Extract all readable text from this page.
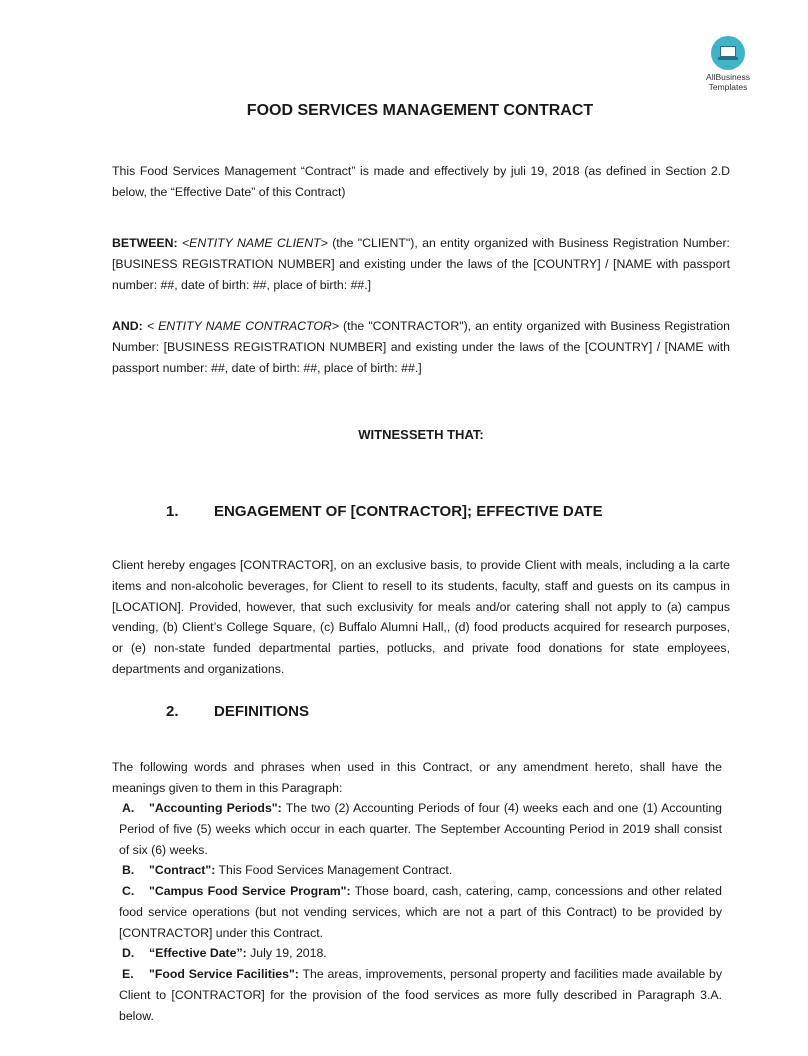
AllBusiness
Templates
FOOD SERVICES MANAGEMENT CONTRACT
This Food Services Management “Contract” is made and effectively by juli 19, 2018 (as defined in Section 2.D below, the “Effective Date” of this Contract)
BETWEEN: <ENTITY NAME CLIENT> (the "CLIENT"), an entity organized with Business Registration Number: [BUSINESS REGISTRATION NUMBER] and existing under the laws of the [COUNTRY] / [NAME with passport number: ##, date of birth: ##, place of birth: ##.]
AND: < ENTITY NAME CONTRACTOR> (the "CONTRACTOR"), an entity organized with Business Registration Number: [BUSINESS REGISTRATION NUMBER] and existing under the laws of the [COUNTRY] / [NAME with passport number: ##, date of birth: ##, place of birth: ##.]
WITNESSETH THAT:
1. ENGAGEMENT OF [CONTRACTOR]; EFFECTIVE DATE
Client hereby engages [CONTRACTOR], on an exclusive basis, to provide Client with meals, including a la carte items and non-alcoholic beverages, for Client to resell to its students, faculty, staff and guests on its campus in [LOCATION]. Provided, however, that such exclusivity for meals and/or catering shall not apply to (a) campus vending, (b) Client’s College Square, (c) Buffalo Alumni Hall,, (d) food products acquired for research purposes, or (e) non-state funded departmental parties, potlucks, and private food donations for state employees, departments and organizations.
2. DEFINITIONS
The following words and phrases when used in this Contract, or any amendment hereto, shall have the meanings given to them in this Paragraph:
A. "Accounting Periods": The two (2) Accounting Periods of four (4) weeks each and one (1) Accounting Period of five (5) weeks which occur in each quarter. The September Accounting Period in 2019 shall consist of six (6) weeks.
B. "Contract": This Food Services Management Contract.
C. "Campus Food Service Program": Those board, cash, catering, camp, concessions and other related food service operations (but not vending services, which are not a part of this Contract) to be provided by [CONTRACTOR] under this Contract.
D. “Effective Date”: July 19, 2018.
E. "Food Service Facilities": The areas, improvements, personal property and facilities made available by Client to [CONTRACTOR] for the provision of the food services as more fully described in Paragraph 3.A. below.
